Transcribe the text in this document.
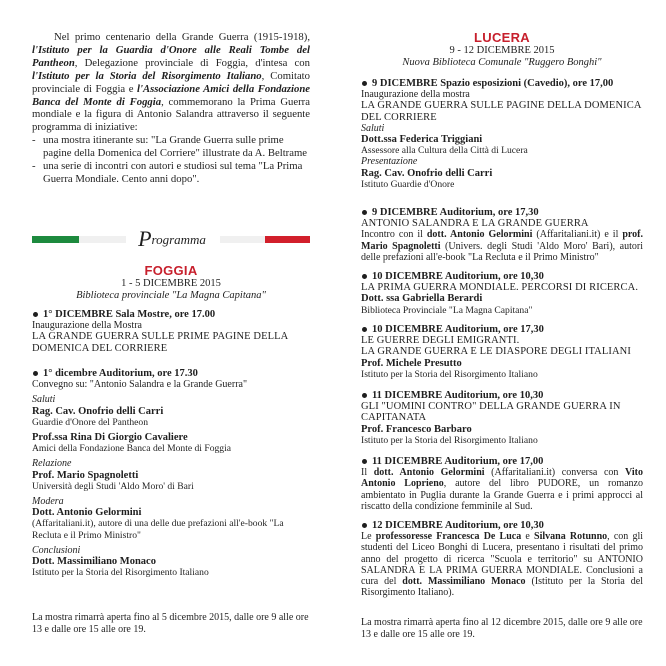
Nel primo centenario della Grande Guerra (1915-1918), l'Istituto per la Guardia d'Onore alle Reali Tombe del Pantheon, Delegazione provinciale di Foggia, d'intesa con l'Istituto per la Storia del Risorgimento Italiano, Comitato provinciale di Foggia e l'Associazione Amici della Fondazione Banca del Monte di Foggia, commemorano la Prima Guerra mondiale e la figura di Antonio Salandra attraverso il seguente programma di iniziative:

- una mostra itinerante su: "La Grande Guerra sulle prime pagine della Domenica del Corriere" illustrate da A. Beltrame
- una serie di incontri con autori e studiosi sul tema "La Prima Guerra Mondiale. Cento anni dopo".
Programma
FOGGIA
1 - 5 DICEMBRE 2015
Biblioteca provinciale "La Magna Capitana"
1° DICEMBRE Sala Mostre, ore 17.00
Inaugurazione della Mostra
LA GRANDE GUERRA SULLE PRIME PAGINE DELLA DOMENICA DEL CORRIERE
1° dicembre Auditorium, ore 17.30
Convegno su: "Antonio Salandra e la Grande Guerra"
Saluti
Rag. Cav. Onofrio delli Carri
Guardie d'Onore del Pantheon
Prof.ssa Rina Di Giorgio Cavaliere
Amici della Fondazione Banca del Monte di Foggia
Relazione
Prof. Mario Spagnoletti
Università degli Studi 'Aldo Moro' di Bari
Modera
Dott. Antonio Gelormini
(Affaritaliani.it), autore di una delle due prefazioni all'e-book "La Recluta e il Primo Ministro"
Conclusioni
Dott. Massimiliano Monaco
Istituto per la Storia del Risorgimento Italiano
La mostra rimarrà aperta fino al 5 dicembre 2015, dalle ore 9 alle ore 13 e dalle ore 15 alle ore 19.
LUCERA
9 - 12 DICEMBRE 2015
Nuova Biblioteca Comunale "Ruggero Bonghi"
9 DICEMBRE Spazio esposizioni (Cavedio), ore 17,00
Inaugurazione della mostra
LA GRANDE GUERRA SULLE PAGINE DELLA DOMENICA DEL CORRIERE
Saluti
Dott.ssa Federica Triggiani
Assessore alla Cultura della Città di Lucera
Presentazione
Rag. Cav. Onofrio delli Carri
Istituto Guardie d'Onore
9 DICEMBRE Auditorium, ore 17,30
ANTONIO SALANDRA E LA GRANDE GUERRA
Incontro con il dott. Antonio Gelormini (Affaritaliani.it) e il prof. Mario Spagnoletti (Univers. degli Studi 'Aldo Moro' Bari), autori delle prefazioni all'e-book "La Recluta e il Primo Ministro"
10 DICEMBRE Auditorium, ore 10,30
LA PRIMA GUERRA MONDIALE. PERCORSI DI RICERCA.
Dott. ssa Gabriella Berardi
Biblioteca Provinciale "La Magna Capitana"
10 DICEMBRE Auditorium, ore 17,30
LE GUERRE DEGLI EMIGRANTI.
LA GRANDE GUERRA E LE DIASPORE DEGLI ITALIANI
Prof. Michele Presutto
Istituto per la Storia del Risorgimento Italiano
11 DICEMBRE Auditorium, ore 10,30
GLI "UOMINI CONTRO" DELLA GRANDE GUERRA IN CAPITANATA
Prof. Francesco Barbaro
Istituto per la Storia del Risorgimento Italiano
11 DICEMBRE Auditorium, ore 17,00
Il dott. Antonio Gelormini (Affaritaliani.it) conversa con Vito Antonio Loprieno, autore del libro PUDORE, un romanzo ambientato in Puglia durante la Grande Guerra e i primi approcci al riscatto della condizione femminile al Sud.
12 DICEMBRE Auditorium, ore 10,30
Le professoresse Francesca De Luca e Silvana Rotunno, con gli studenti del Liceo Bonghi di Lucera, presentano i risultati del primo anno del progetto di ricerca "Scuola e territorio" su ANTONIO SALANDRA E LA PRIMA GUERRA MONDIALE. Conclusioni a cura del dott. Massimiliano Monaco (Istituto per la Storia del Risorgimento Italiano).
La mostra rimarrà aperta fino al 12 dicembre 2015, dalle ore 9 alle ore 13 e dalle ore 15 alle ore 19.
